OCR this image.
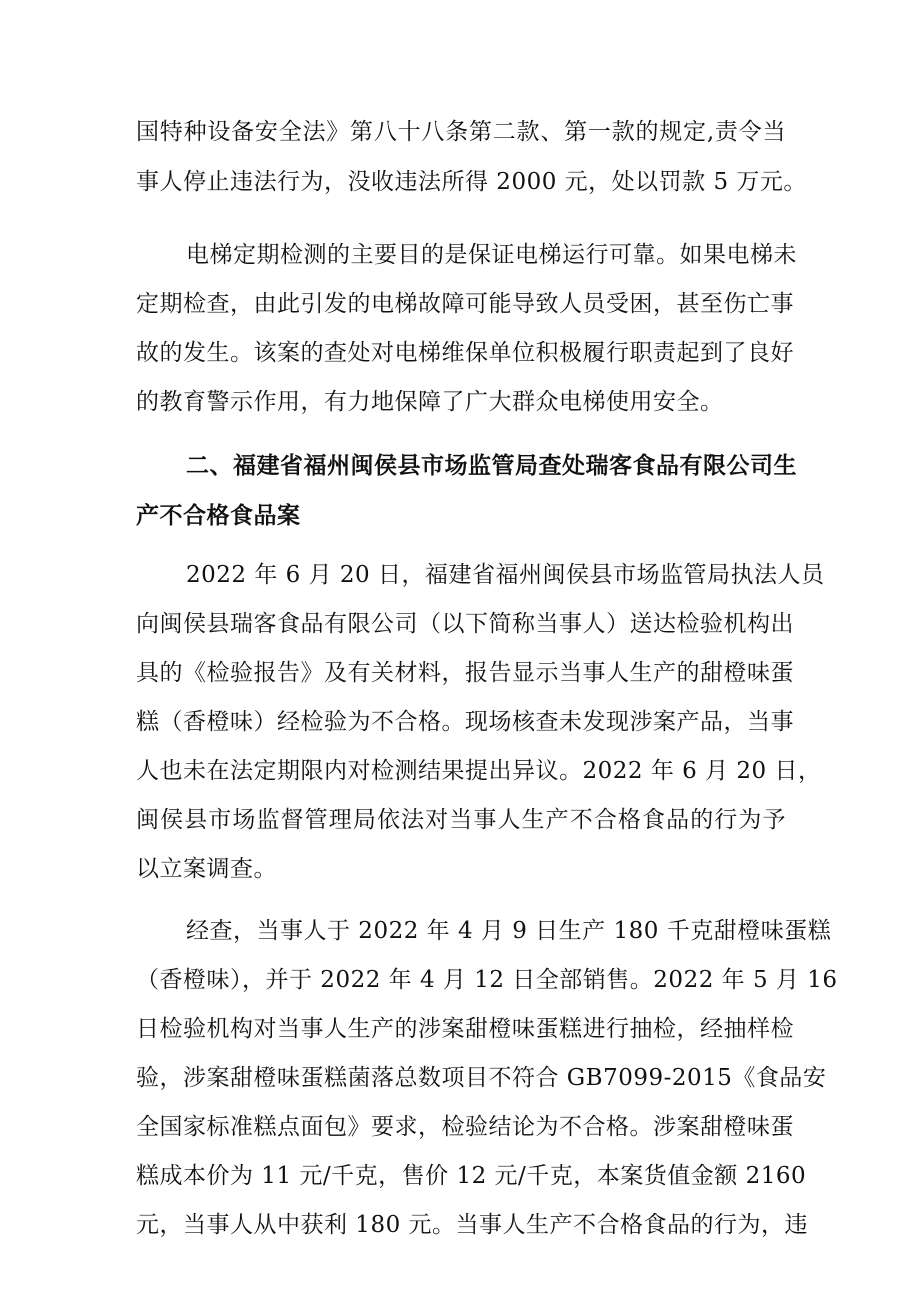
国特种设备安全法》第八十八条第二款、第一款的规定,责令当
事人停止违法行为，没收违法所得 2000 元，处以罚款 5 万元。
电梯定期检测的主要目的是保证电梯运行可靠。如果电梯未
定期检查，由此引发的电梯故障可能导致人员受困，甚至伤亡事
故的发生。该案的查处对电梯维保单位积极履行职责起到了良好
的教育警示作用，有力地保障了广大群众电梯使用安全。
二、福建省福州闽侯县市场监管局查处瑞客食品有限公司生
产不合格食品案
2022 年 6 月 20 日，福建省福州闽侯县市场监管局执法人员
向闽侯县瑞客食品有限公司（以下简称当事人）送达检验机构出
具的《检验报告》及有关材料，报告显示当事人生产的甜橙味蛋
糕（香橙味）经检验为不合格。现场核查未发现涉案产品，当事
人也未在法定期限内对检测结果提出异议。2022 年 6 月 20 日，
闽侯县市场监督管理局依法对当事人生产不合格食品的行为予
以立案调查。
经查，当事人于 2022 年 4 月 9 日生产 180 千克甜橙味蛋糕
（香橙味），并于 2022 年 4 月 12 日全部销售。2022 年 5 月 16
日检验机构对当事人生产的涉案甜橙味蛋糕进行抽检，经抽样检
验，涉案甜橙味蛋糕菌落总数项目不符合 GB7099-2015《食品安
全国家标准糕点面包》要求，检验结论为不合格。涉案甜橙味蛋
糕成本价为 11 元/千克，售价 12 元/千克，本案货值金额 2160
元，当事人从中获利 180 元。当事人生产不合格食品的行为，违
